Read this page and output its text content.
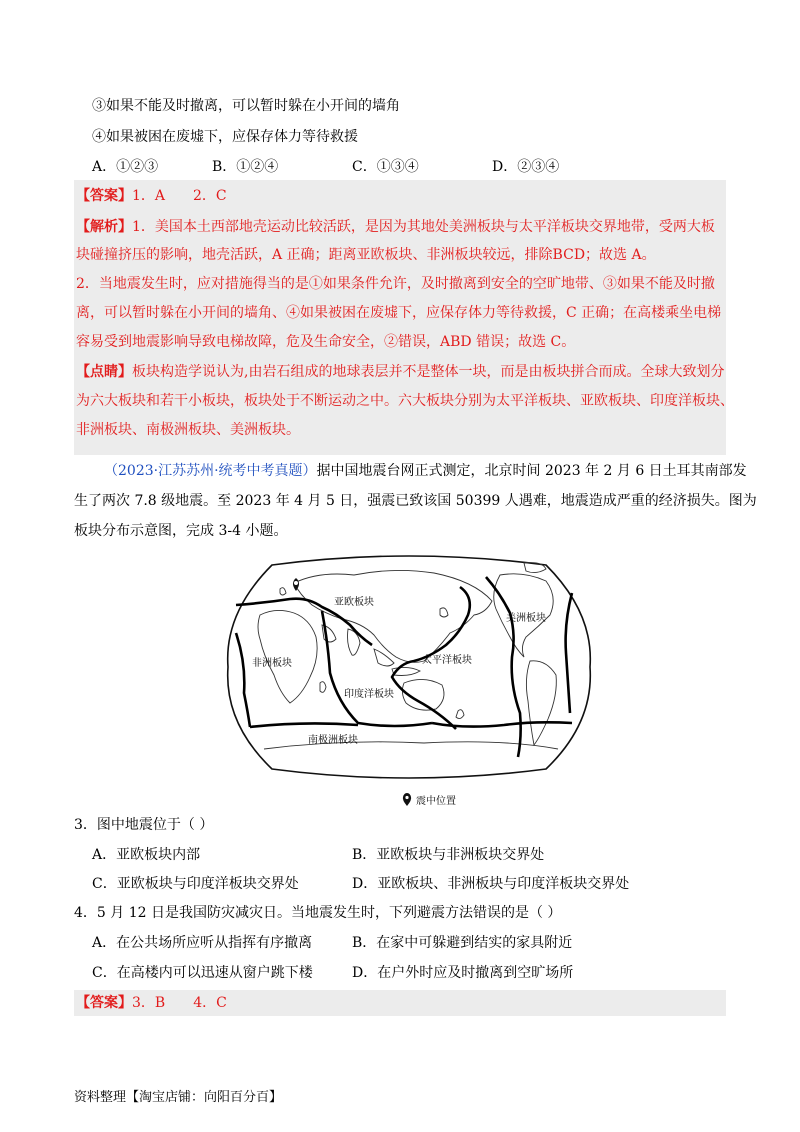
③如果不能及时撤离，可以暂时躲在小开间的墙角
④如果被困在废墟下，应保存体力等待救援
A．①②③	B．①②④	C．①③④	D．②③④
【答案】1．A　　2．C
【解析】1．美国本土西部地壳运动比较活跃，是因为其地处美洲板块与太平洋板块交界地带，受两大板
块碰撞挤压的影响，地壳活跃，A 正确；距离亚欧板块、非洲板块较远，排除BCD；故选 A。
2．当地震发生时，应对措施得当的是①如果条件允许，及时撤离到安全的空旷地带、③如果不能及时撤
离，可以暂时躲在小开间的墙角、④如果被困在废墟下，应保存体力等待救援，C 正确；在高楼乘坐电梯
容易受到地震影响导致电梯故障，危及生命安全，②错误，ABD 错误；故选 C。
【点睛】板块构造学说认为,由岩石组成的地球表层并不是整体一块，而是由板块拼合而成。全球大致划分
为六大板块和若干小板块，板块处于不断运动之中。六大板块分别为太平洋板块、亚欧板块、印度洋板块、
非洲板块、南极洲板块、美洲板块。
（2023·江苏苏州·统考中考真题）据中国地震台网正式测定，北京时间 2023 年 2 月 6 日土耳其南部发
生了两次 7.8 级地震。至 2023 年 4 月 5 日，强震已致该国 50399 人遇难，地震造成严重的经济损失。图为
板块分布示意图，完成 3-4 小题。
亚欧板块
美洲板块
非洲板块	太平洋板块
印度洋板块
南极洲板块
震中位置
3．图中地震位于（ ）
A．亚欧板块内部	B．亚欧板块与非洲板块交界处
C．亚欧板块与印度洋板块交界处	D．亚欧板块、非洲板块与印度洋板块交界处
4．5 月 12 日是我国防灾减灾日。当地震发生时，下列避震方法错误的是（ ）
A．在公共场所应听从指挥有序撤离	B．在家中可躲避到结实的家具附近
C．在高楼内可以迅速从窗户跳下楼	D．在户外时应及时撤离到空旷场所
【答案】3．B　　4．C
资料整理【淘宝店铺：向阳百分百】
